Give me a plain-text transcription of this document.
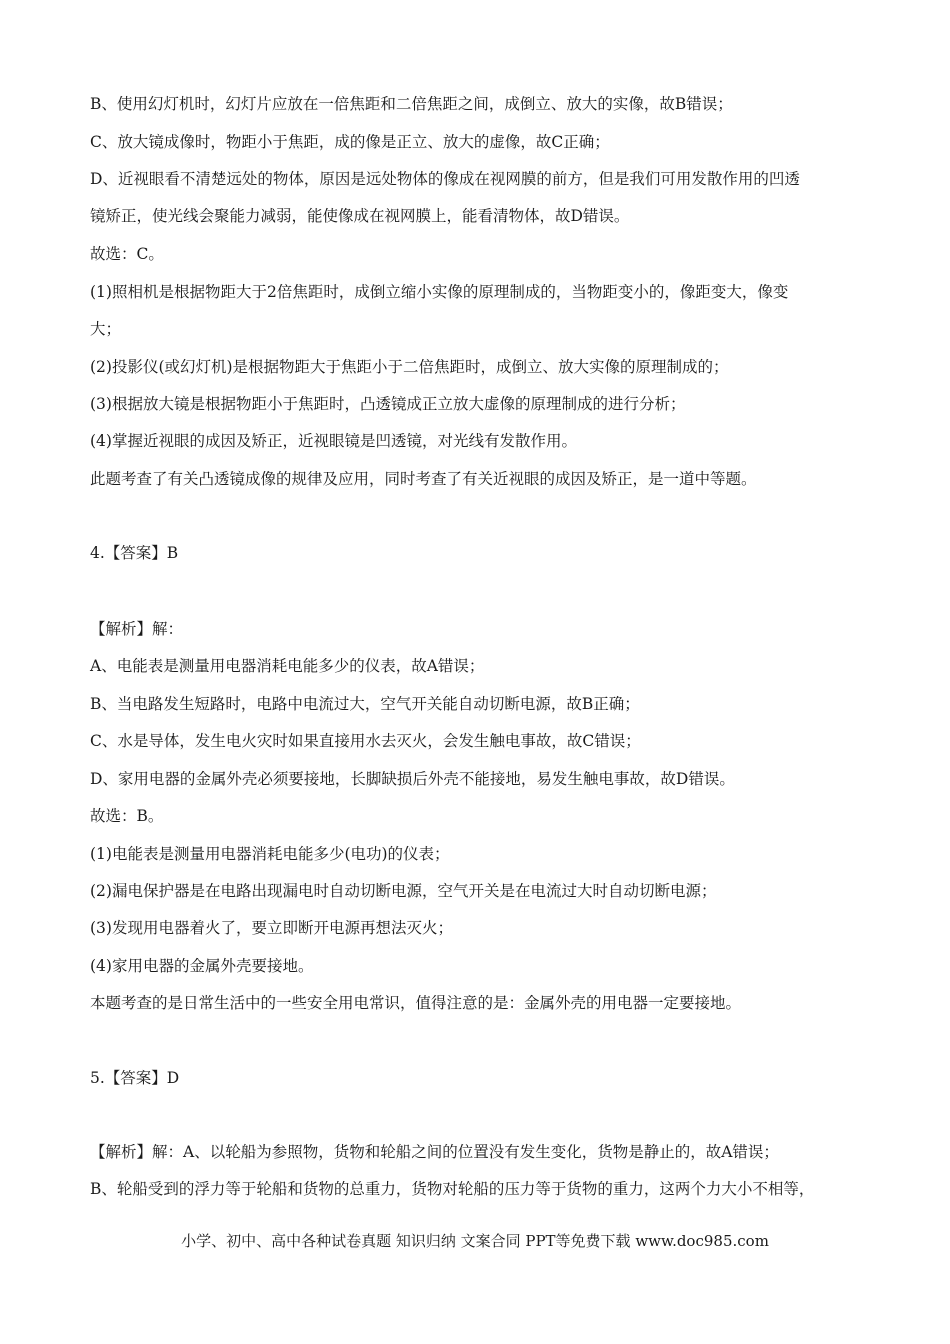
B、使用幻灯机时，幻灯片应放在一倍焦距和二倍焦距之间，成倒立、放大的实像，故B错误；
C、放大镜成像时，物距小于焦距，成的像是正立、放大的虚像，故C正确；
D、近视眼看不清楚远处的物体，原因是远处物体的像成在视网膜的前方，但是我们可用发散作用的凹透
镜矫正，使光线会聚能力减弱，能使像成在视网膜上，能看清物体，故D错误。
故选：C。
(1)照相机是根据物距大于2倍焦距时，成倒立缩小实像的原理制成的，当物距变小的，像距变大，像变
大；
(2)投影仪(或幻灯机)是根据物距大于焦距小于二倍焦距时，成倒立、放大实像的原理制成的；
(3)根据放大镜是根据物距小于焦距时，凸透镜成正立放大虚像的原理制成的进行分析；
(4)掌握近视眼的成因及矫正，近视眼镜是凹透镜，对光线有发散作用。
此题考查了有关凸透镜成像的规律及应用，同时考查了有关近视眼的成因及矫正，是一道中等题。
4.【答案】B
【解析】解：
A、电能表是测量用电器消耗电能多少的仪表，故A错误；
B、当电路发生短路时，电路中电流过大，空气开关能自动切断电源，故B正确；
C、水是导体，发生电火灾时如果直接用水去灭火，会发生触电事故，故C错误；
D、家用电器的金属外壳必须要接地，长脚缺损后外壳不能接地，易发生触电事故，故D错误。
故选：B。
(1)电能表是测量用电器消耗电能多少(电功)的仪表；
(2)漏电保护器是在电路出现漏电时自动切断电源，空气开关是在电流过大时自动切断电源；
(3)发现用电器着火了，要立即断开电源再想法灭火；
(4)家用电器的金属外壳要接地。
本题考查的是日常生活中的一些安全用电常识，值得注意的是：金属外壳的用电器一定要接地。
5.【答案】D
【解析】解：A、以轮船为参照物，货物和轮船之间的位置没有发生变化，货物是静止的，故A错误；
B、轮船受到的浮力等于轮船和货物的总重力，货物对轮船的压力等于货物的重力，这两个力大小不相等，
小学、初中、高中各种试卷真题 知识归纳 文案合同 PPT等免费下载 www.doc985.com
